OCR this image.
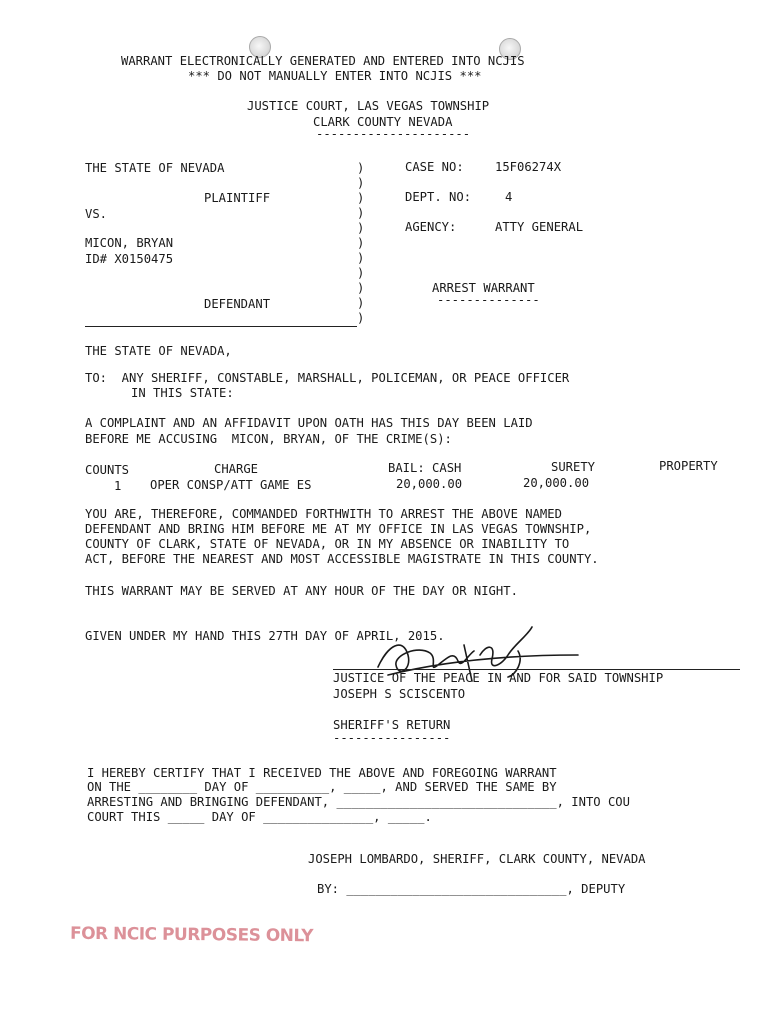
WARRANT ELECTRONICALLY GENERATED AND ENTERED INTO NCJIS
*** DO NOT MANUALLY ENTER INTO NCJIS ***
JUSTICE COURT, LAS VEGAS TOWNSHIP
CLARK COUNTY NEVADA
---------------------
THE STATE OF NEVADA
PLAINTIFF
VS.
MICON, BRYAN
ID# X0150475
DEFENDANT
)
)
)
)
)
)
)
)
)
)
)
CASE NO:	15F06274X
DEPT. NO:	4
AGENCY:	ATTY GENERAL
ARREST WARRANT
--------------
THE STATE OF NEVADA,
TO:  ANY SHERIFF, CONSTABLE, MARSHALL, POLICEMAN, OR PEACE OFFICER
IN THIS STATE:
A COMPLAINT AND AN AFFIDAVIT UPON OATH HAS THIS DAY BEEN LAID
BEFORE ME ACCUSING  MICON, BRYAN, OF THE CRIME(S):
COUNTS	CHARGE	BAIL: CASH	SURETY	PROPERTY
1 OPER CONSP/ATT GAME ES	20,000.00	20,000.00
YOU ARE, THEREFORE, COMMANDED FORTHWITH TO ARREST THE ABOVE NAMED
DEFENDANT AND BRING HIM BEFORE ME AT MY OFFICE IN LAS VEGAS TOWNSHIP,
COUNTY OF CLARK, STATE OF NEVADA, OR IN MY ABSENCE OR INABILITY TO
ACT, BEFORE THE NEAREST AND MOST ACCESSIBLE MAGISTRATE IN THIS COUNTY.
THIS WARRANT MAY BE SERVED AT ANY HOUR OF THE DAY OR NIGHT.
GIVEN UNDER MY HAND THIS 27TH DAY OF APRIL, 2015.
JUSTICE OF THE PEACE IN AND FOR SAID TOWNSHIP
JOSEPH S SCISCENTO
SHERIFF'S RETURN
----------------
I HEREBY CERTIFY THAT I RECEIVED THE ABOVE AND FOREGOING WARRANT
ON THE ________ DAY OF __________, _____, AND SERVED THE SAME BY
ARRESTING AND BRINGING DEFENDANT, ______________________________, INTO COU
COURT THIS _____ DAY OF _______________, _____.
JOSEPH LOMBARDO, SHERIFF, CLARK COUNTY, NEVADA
BY: ______________________________, DEPUTY
FOR NCIC PURPOSES ONLY
